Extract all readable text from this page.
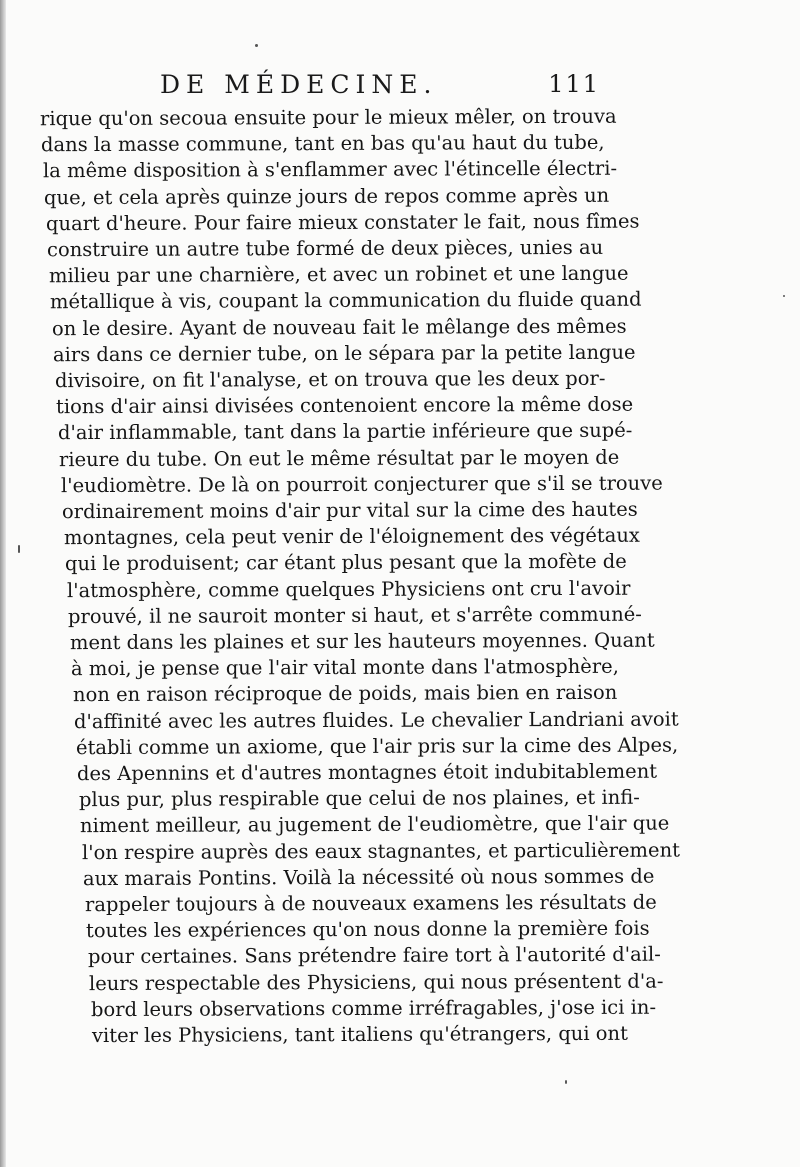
DE MÉDECINE.	111
rique qu'on secoua ensuite pour le mieux mêler, on trouva
dans la masse commune, tant en bas qu'au haut du tube,
la même disposition à s'enflammer avec l'étincelle électri-
que, et cela après quinze jours de repos comme après un
quart d'heure. Pour faire mieux constater le fait, nous fîmes
construire un autre tube formé de deux pièces, unies au
milieu par une charnière, et avec un robinet et une langue
métallique à vis, coupant la communication du fluide quand
on le desire. Ayant de nouveau fait le mêlange des mêmes
airs dans ce dernier tube, on le sépara par la petite langue
divisoire, on fit l'analyse, et on trouva que les deux por-
tions d'air ainsi divisées contenoient encore la même dose
d'air inflammable, tant dans la partie inférieure que supé-
rieure du tube. On eut le même résultat par le moyen de
l'eudiomètre. De là on pourroit conjecturer que s'il se trouve
ordinairement moins d'air pur vital sur la cime des hautes
montagnes, cela peut venir de l'éloignement des végétaux
qui le produisent; car étant plus pesant que la mofète de
l'atmosphère, comme quelques Physiciens ont cru l'avoir
prouvé, il ne sauroit monter si haut, et s'arrête communé-
ment dans les plaines et sur les hauteurs moyennes. Quant
à moi, je pense que l'air vital monte dans l'atmosphère,
non en raison réciproque de poids, mais bien en raison
d'affinité avec les autres fluides. Le chevalier Landriani avoit
établi comme un axiome, que l'air pris sur la cime des Alpes,
des Apennins et d'autres montagnes étoit indubitablement
plus pur, plus respirable que celui de nos plaines, et infi-
niment meilleur, au jugement de l'eudiomètre, que l'air que
l'on respire auprès des eaux stagnantes, et particulièrement
aux marais Pontins. Voilà la nécessité où nous sommes de
rappeler toujours à de nouveaux examens les résultats de
toutes les expériences qu'on nous donne la première fois
pour certaines. Sans prétendre faire tort à l'autorité d'ail-
leurs respectable des Physiciens, qui nous présentent d'a-
bord leurs observations comme irréfragables, j'ose ici in-
viter les Physiciens, tant italiens qu'étrangers, qui ont
